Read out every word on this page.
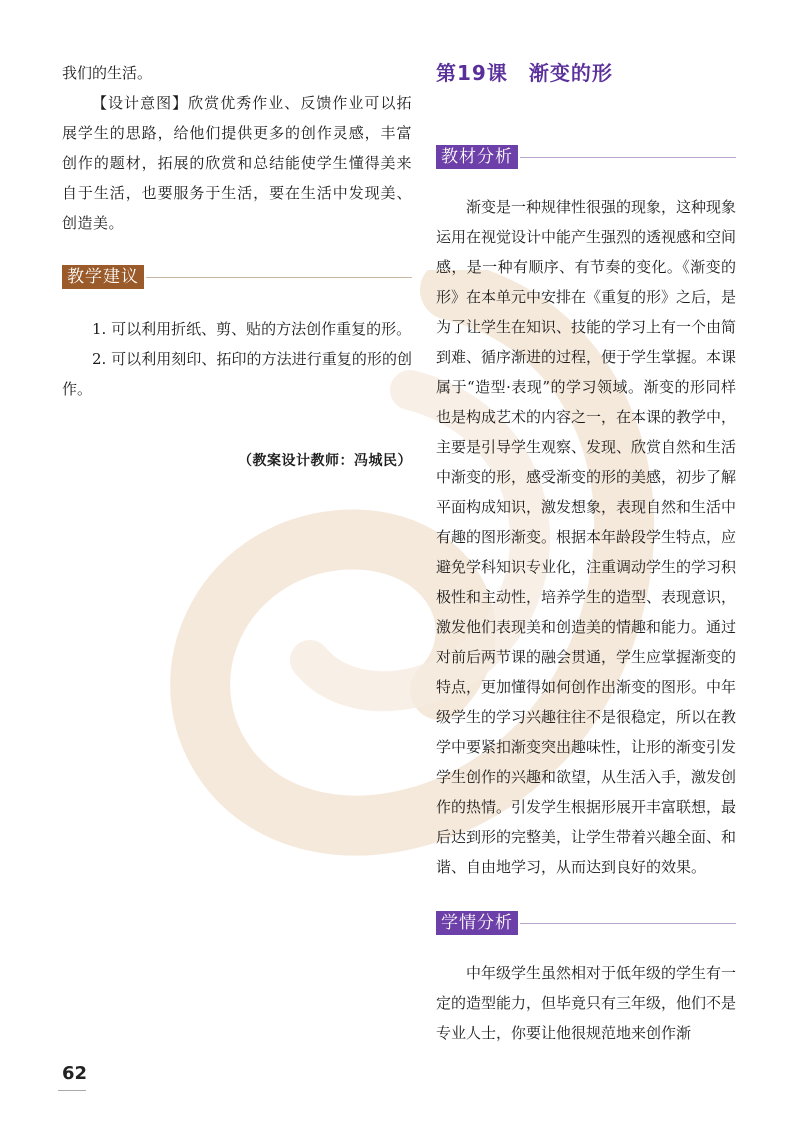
我们的生活。

【设计意图】欣赏优秀作业、反馈作业可以拓展学生的思路，给他们提供更多的创作灵感，丰富创作的题材，拓展的欣赏和总结能使学生懂得美来自于生活，也要服务于生活，要在生活中发现美、创造美。

教学建议

1. 可以利用折纸、剪、贴的方法创作重复的形。

2. 可以利用刻印、拓印的方法进行重复的形的创作。

（教案设计教师：冯城民）

第19课　渐变的形

教材分析

渐变是一种规律性很强的现象，这种现象运用在视觉设计中能产生强烈的透视感和空间感，是一种有顺序、有节奏的变化。《渐变的形》在本单元中安排在《重复的形》之后，是为了让学生在知识、技能的学习上有一个由简到难、循序渐进的过程，便于学生掌握。本课属于“造型·表现”的学习领域。渐变的形同样也是构成艺术的内容之一，在本课的教学中，主要是引导学生观察、发现、欣赏自然和生活中渐变的形，感受渐变的形的美感，初步了解平面构成知识，激发想象，表现自然和生活中有趣的图形渐变。根据本年龄段学生特点，应避免学科知识专业化，注重调动学生的学习积极性和主动性，培养学生的造型、表现意识，激发他们表现美和创造美的情趣和能力。通过对前后两节课的融会贯通，学生应掌握渐变的特点，更加懂得如何创作出渐变的图形。中年级学生的学习兴趣往往不是很稳定，所以在教学中要紧扣渐变突出趣味性，让形的渐变引发学生创作的兴趣和欲望，从生活入手，激发创作的热情。引发学生根据形展开丰富联想，最后达到形的完整美，让学生带着兴趣全面、和谐、自由地学习，从而达到良好的效果。

学情分析

中年级学生虽然相对于低年级的学生有一定的造型能力，但毕竟只有三年级，他们不是专业人士，你要让他很规范地来创作渐

62
